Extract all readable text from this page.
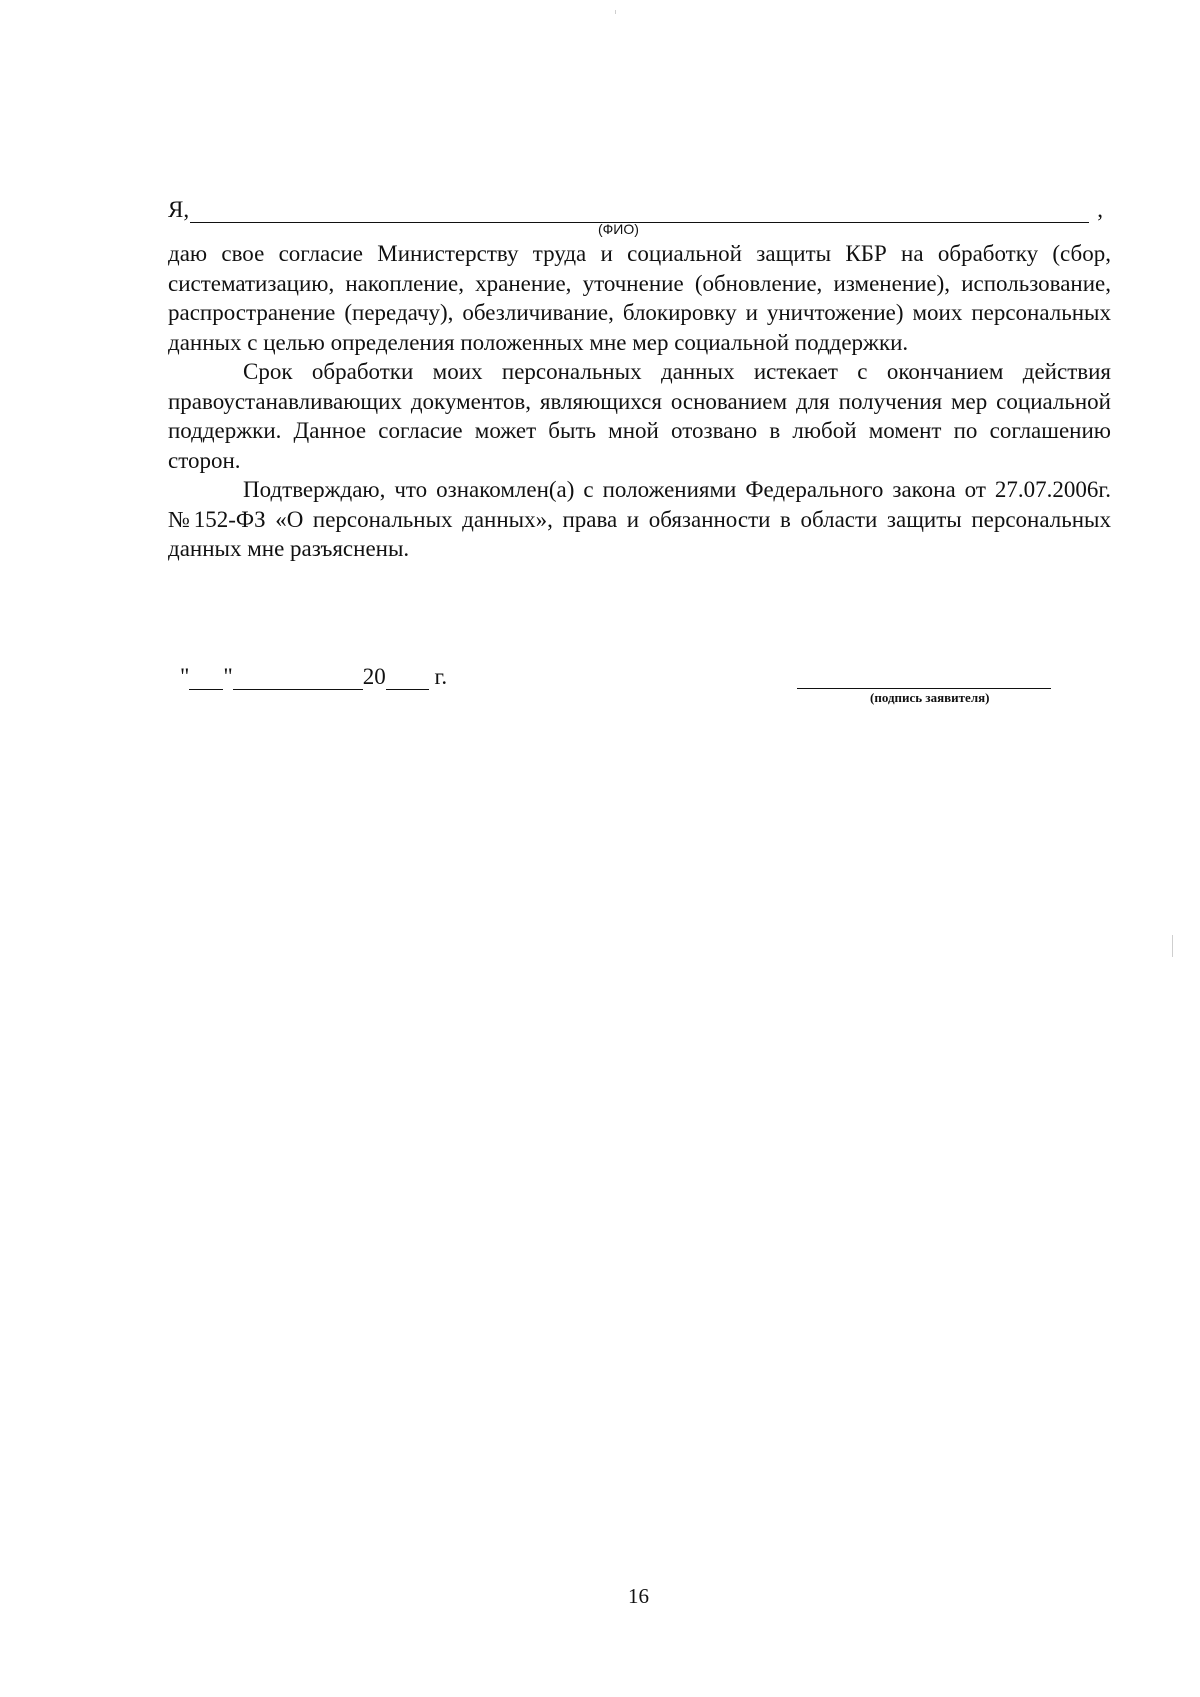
Я,	,
(ФИО)

даю свое согласие Министерству труда и социальной защиты КБР на обработку (сбор, систематизацию, накопление, хранение, уточнение (обновление, изменение), использование, распространение (передачу), обезличивание, блокировку и уничтожение) моих персональных данных с целью определения положенных мне мер социальной поддержки.

Срок обработки моих персональных данных истекает с окончанием действия правоустанавливающих документов, являющихся основанием для получения мер социальной поддержки. Данное согласие может быть мной отозвано в любой момент по соглашению сторон.

Подтверждаю, что ознакомлен(а) с положениями Федерального закона от 27.07.2006г. №152-ФЗ «О персональных данных», права и обязанности в области защиты персональных данных мне разъяснены.

" "	20 г.
(подпись заявителя)
16
